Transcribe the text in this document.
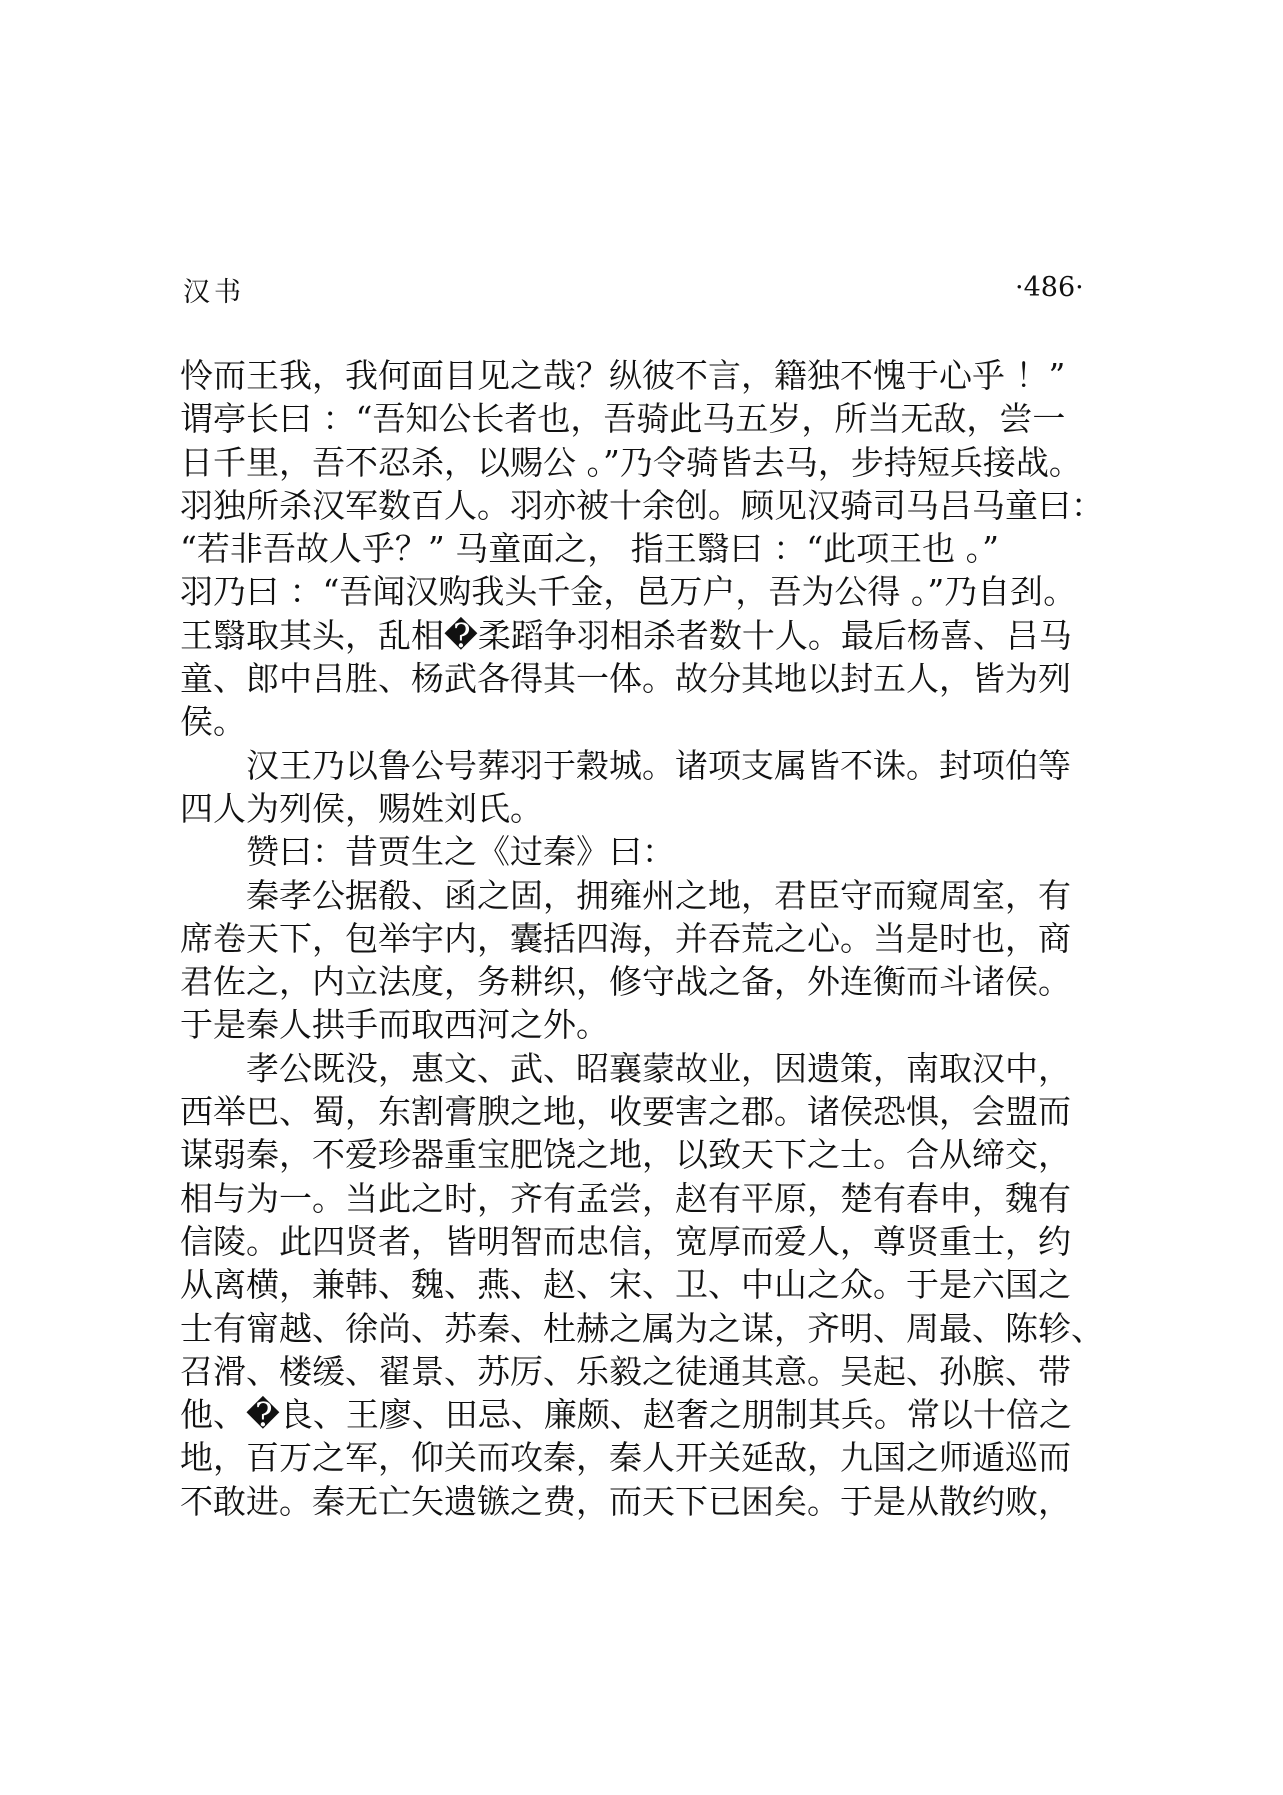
汉书	·486·
怜而王我，我何面目见之哉？纵彼不言，籍独不愧于心乎 ！”
谓亭长曰 ：“吾知公长者也，吾骑此马五岁，所当无敌，尝一
日千里，吾不忍杀，以赐公 。”乃令骑皆去马，步持短兵接战。
羽独所杀汉军数百人。羽亦被十余创。顾见汉骑司马吕马童曰：
“若非吾故人乎？” 马童面之， 指王翳曰 ：“此项王也 。”
羽乃曰 ：“吾闻汉购我头千金，邑万户，吾为公得 。”乃自刭。
王翳取其头，乱相�柔蹈争羽相杀者数十人。最后杨喜、吕马
童、郎中吕胜、杨武各得其一体。故分其地以封五人，皆为列
侯。
　　汉王乃以鲁公号葬羽于穀城。诸项支属皆不诛。封项伯等
四人为列侯，赐姓刘氏。
　　赞曰：昔贾生之《过秦》曰：
　　秦孝公据殽、函之固，拥雍州之地，君臣守而窥周室，有
席卷天下，包举宇内，囊括四海，并吞荒之心。当是时也，商
君佐之，内立法度，务耕织，修守战之备，外连衡而斗诸侯。
于是秦人拱手而取西河之外。
　　孝公既没，惠文、武、昭襄蒙故业，因遗策，南取汉中，
西举巴、蜀，东割膏腴之地，收要害之郡。诸侯恐惧，会盟而
谋弱秦，不爱珍器重宝肥饶之地，以致天下之士。合从缔交，
相与为一。当此之时，齐有孟尝，赵有平原，楚有春申，魏有
信陵。此四贤者，皆明智而忠信，宽厚而爱人，尊贤重士，约
从离横，兼韩、魏、燕、赵、宋、卫、中山之众。于是六国之
士有甯越、徐尚、苏秦、杜赫之属为之谋，齐明、周最、陈轸、
召滑、楼缓、翟景、苏厉、乐毅之徒通其意。吴起、孙膑、带
他、�良、王廖、田忌、廉颇、赵奢之朋制其兵。常以十倍之
地，百万之军，仰关而攻秦，秦人开关延敌，九国之师遁巡而
不敢进。秦无亡矢遗镞之费，而天下已困矣。于是从散约败，
